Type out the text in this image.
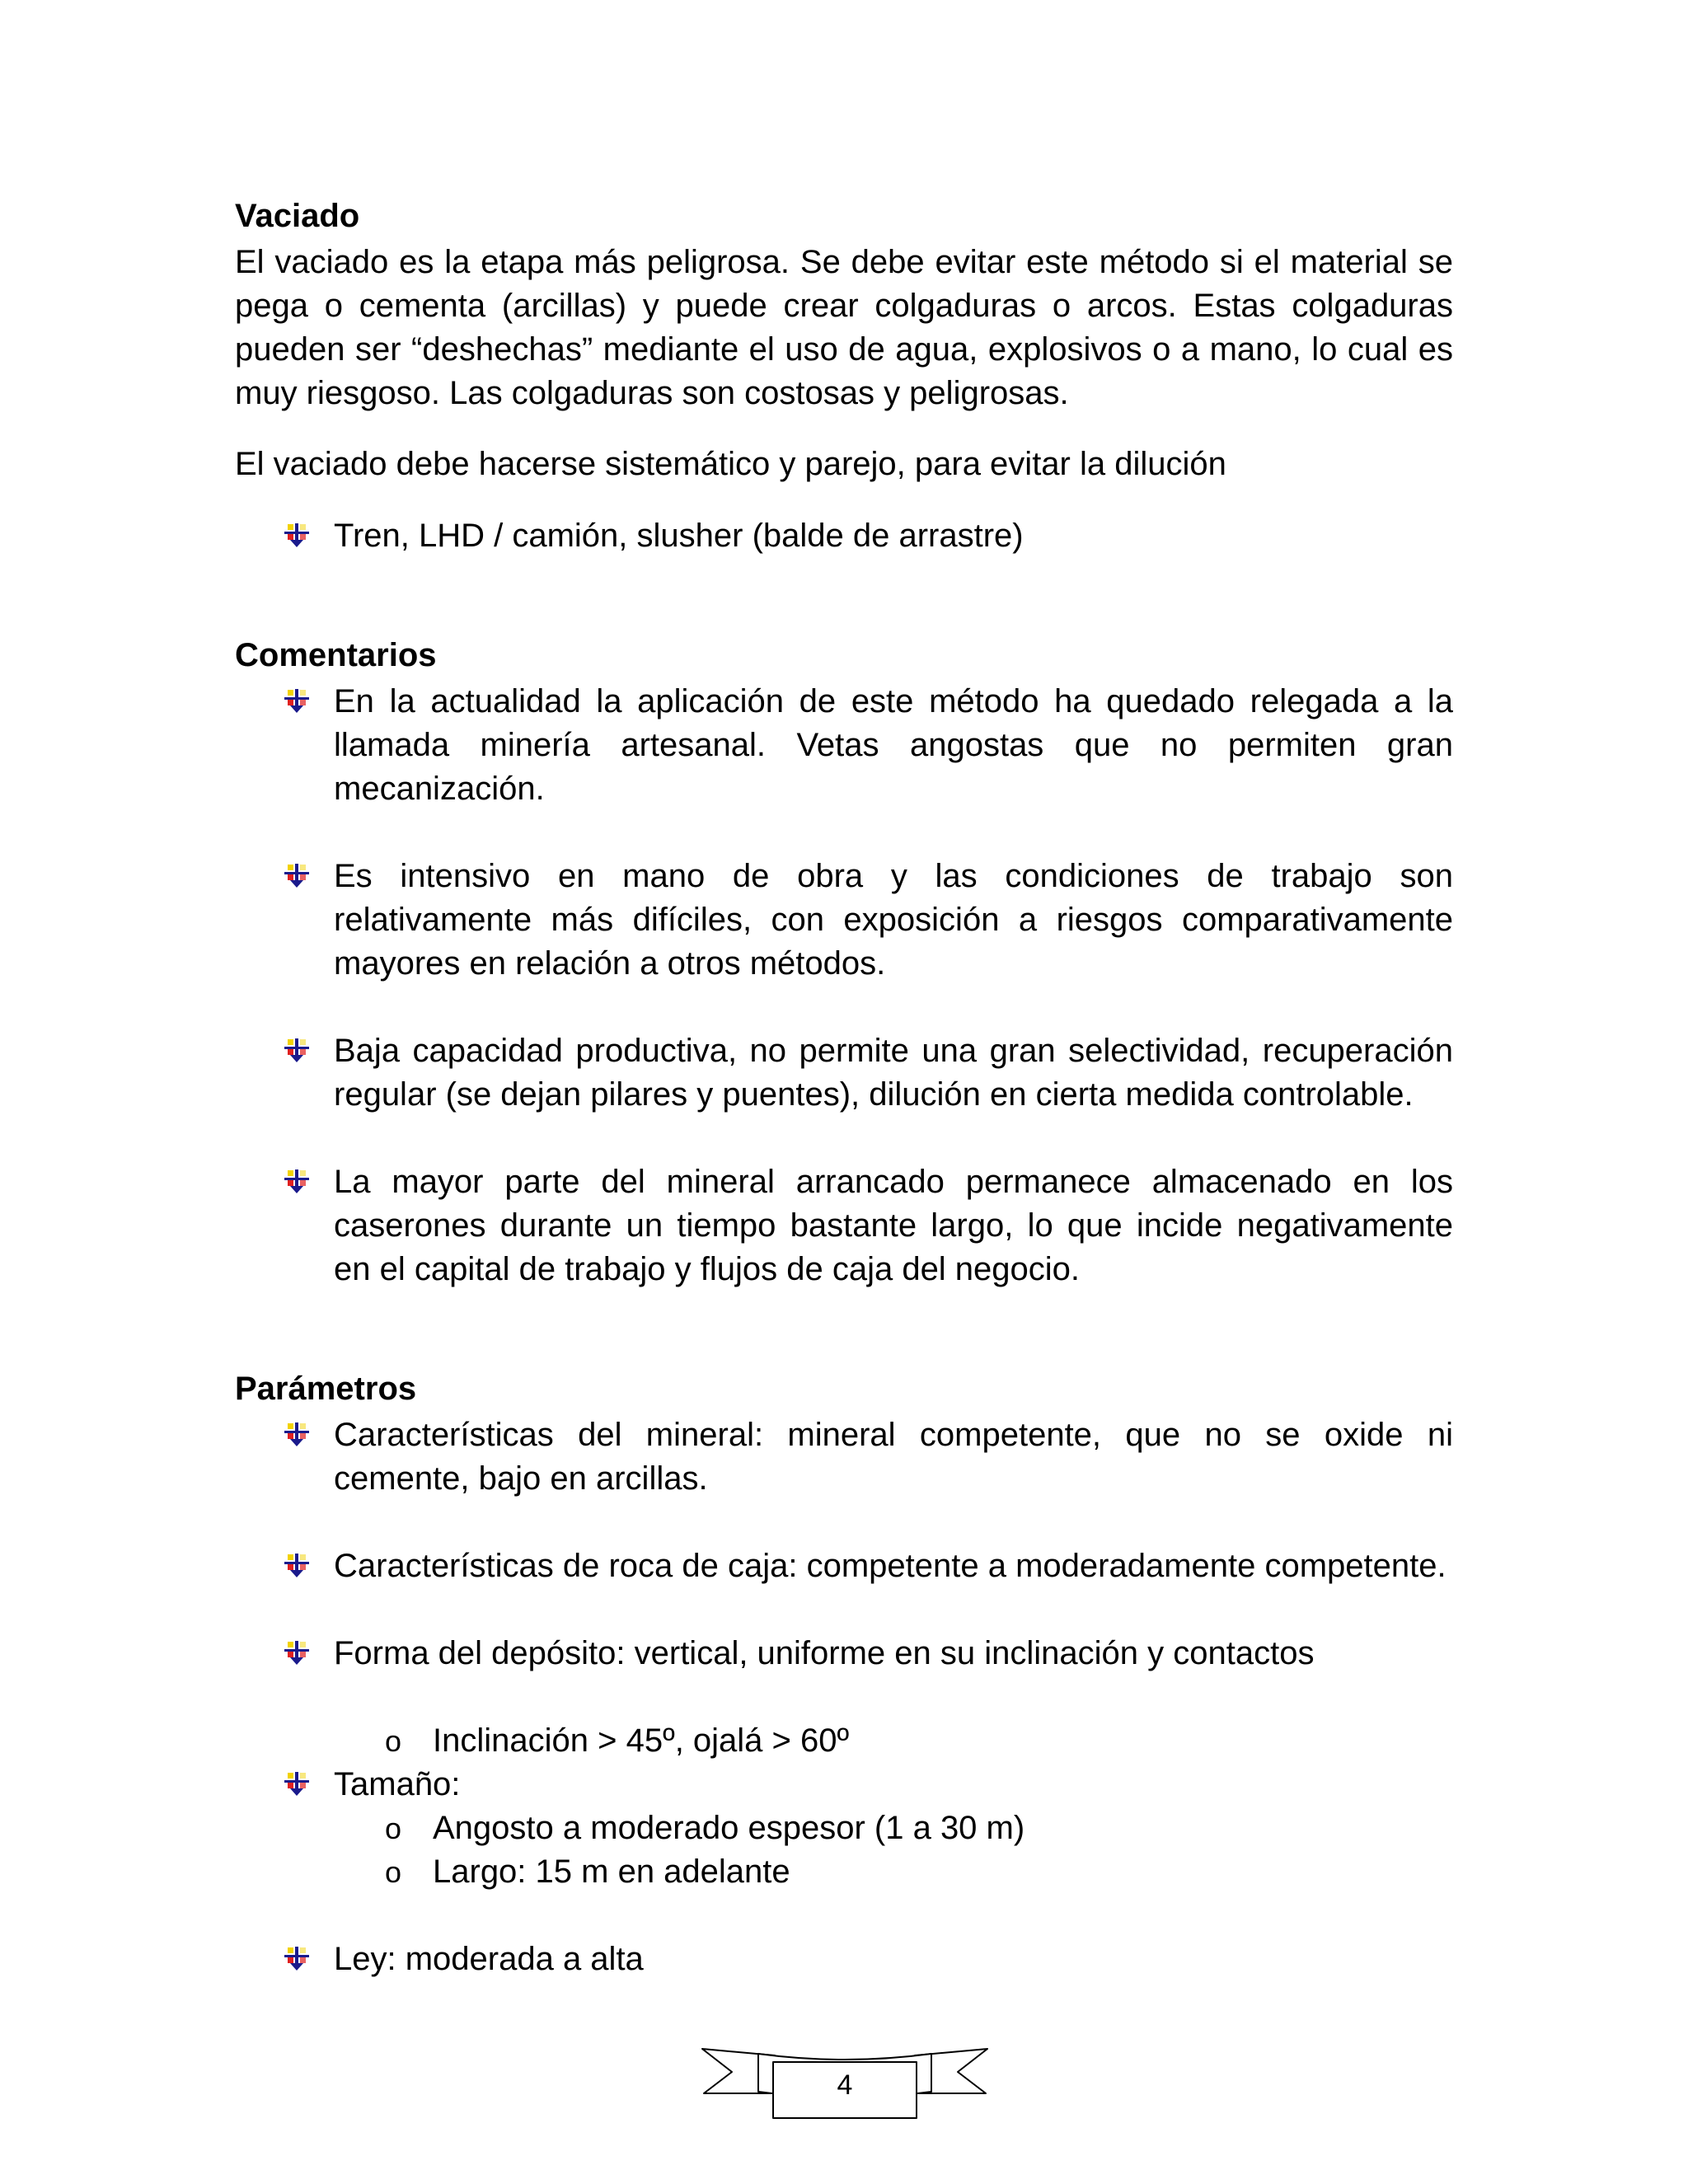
Vaciado

El vaciado es la etapa más peligrosa. Se debe evitar este método si el material se pega o cementa (arcillas) y puede crear colgaduras o arcos. Estas colgaduras pueden ser “deshechas” mediante el uso de agua, explosivos o a mano, lo cual es muy riesgoso. Las colgaduras son costosas y peligrosas.

El vaciado debe hacerse sistemático y parejo, para evitar la dilución

Tren, LHD / camión, slusher (balde de arrastre)
Comentarios
En la actualidad la aplicación de este método ha quedado relegada a la llamada minería artesanal. Vetas angostas que no permiten gran mecanización.
Es intensivo en mano de obra y las condiciones de trabajo son relativamente más difíciles, con exposición a riesgos comparativamente mayores en relación a otros métodos.
Baja capacidad productiva, no permite una gran selectividad, recuperación regular (se dejan pilares y puentes), dilución en cierta medida controlable.
La mayor parte del mineral arrancado permanece almacenado en los caserones durante un tiempo bastante largo, lo que incide negativamente en el capital de trabajo y flujos de caja del negocio.
Parámetros
Características del mineral: mineral competente, que no se oxide ni cemente, bajo en arcillas.
Características de roca de caja: competente a moderadamente competente.
Forma del depósito: vertical, uniforme en su inclinación y contactos
o Inclinación > 45º, ojalá > 60º
Tamaño:
o Angosto a moderado espesor (1 a 30 m)
o Largo: 15 m en adelante
Ley: moderada a alta
4
